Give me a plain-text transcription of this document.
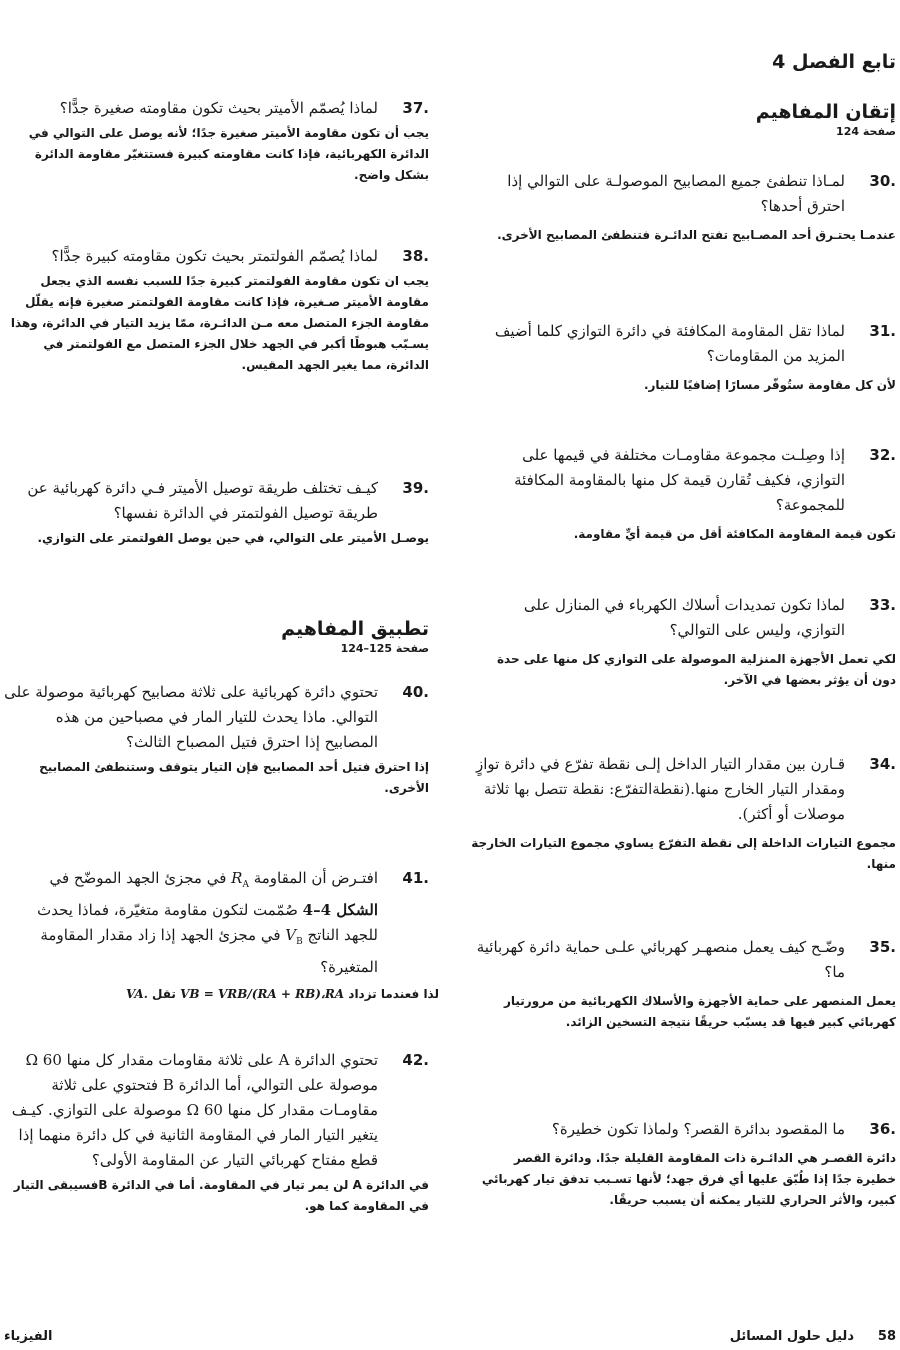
تابع الفصل 4
إتقان المفاهيم
صفحة 124
.30
لمـاذا تنطفئ جميع المصابيح الموصولـة على التوالي إذا احترق أحدها؟
عندمـا يحتـرق أحد المصـابيح تفتح الدائـرة فتنطفئ المصابيح الأخرى.
.31
لماذا تقل المقاومة المكافئة في دائرة التوازي كلما أضيف المزيد من المقاومات؟
لأن كل مقاومة ستُوفّر مسارًا إضافيًا للتيار.
.32
إذا وصِلـت مجموعة مقاومـات مختلفة في قيمها على التوازي، فكيف تُقارن قيمة كل منها بالمقاومة المكافئة للمجموعة؟
تكون قيمة المقاومة المكافئة أقل من قيمة أيِّ مقاومة.
.33
لماذا تكون تمديدات أسلاك الكهرباء في المنازل على التوازي، وليس على التوالي؟
لكي تعمل الأجهزة المنزلية الموصولة على التوازي كل منها على حدة دون أن يؤثر بعضها في الآخر.
.34
قـارن بين مقدار التيار الداخل إلـى نقطة تفرّع في دائرة توازٍ ومقدار التيار الخارج منها.(نقطةالتفرّع: نقطة تتصل بها ثلاثة موصلات أو أكثر).
مجموع التيارات الداخلة إلى نقطة التفرّع يساوي مجموع التيارات الخارجة منها.
.35
وضّـح كيف يعمل منصهـر كهربائي علـى حماية دائرة كهربائية ما؟
يعمل المنصهر على حماية الأجهزة والأسلاك الكهربائية من مرورتيار كهربائي كبير فيها قد يسبّب حريقًا نتيجة التسخين الزائد.
.36
ما المقصود بدائرة القصر؟ ولماذا تكون خطيرة؟
دائرة القصـر هي الدائـرة ذات المقاومة القليلة جدًا. ودائرة القصر خطيرة جدًا إذا طُبّق عليها أي فرق جهد؛ لأنها تسـبب تدفق تيار كهربائي كبير، والأثر الحراري للتيار يمكنه أن يسبب حريقًا.
.37
لماذا يُصمّم الأميتر بحيث تكون مقاومته صغيرة جدًّا؟
يجب أن تكون مقاومة الأميتر صغيرة جدًا؛ لأنه يوصل على التوالي في الدائرة الكهربائية، فإذا كانت مقاومته كبيرة فستتغيّر مقاومة الدائرة بشكل واضح.
.38
لماذا يُصمّم الفولتمتر بحيث تكون مقاومته كبيرة جدًّا؟
يجب ان تكون مقاومة الفولتمتر كبيرة جدًا للسبب نفسه الذي يجعل مقاومة الأميتر صـغيرة، فإذا كانت مقاومة الفولتمتر صغيرة فإنه يقلّل مقاومة الجزء المتصل معه مـن الدائـرة، ممّا يزيد التيار في الدائرة، وهذا يسـبّب هبوطًا أكبر في الجهد خلال الجزء المتصل مع الفولتمتر في الدائرة، مما يغير الجهد المقيس.
.39
كيـف تختلف طريقة توصيل الأميتر فـي دائرة كهربائية عن طريقة توصيل الفولتمتر في الدائرة نفسها؟
يوصـل الأميتر على التوالي، في حين يوصل الفولتمتر على التوازي.
تطبيق المفاهيم
صفحة 125–124
.40
تحتوي دائرة كهربائية على ثلاثة مصابيح كهربائية موصولة على التوالي. ماذا يحدث للتيار المار في مصباحين من هذه المصابيح إذا احترق فتيل المصباح الثالث؟
إذا احترق فتيل أحد المصابيح فإن التيار يتوقف وستنطفئ المصابيح الأخرى.
.41
افتـرض أن المقاومة $R_A$ في مجزئ الجهد الموضّح في الشكل 4–4 صُمّمت لتكون مقاومة متغيّرة، فماذا يحدث للجهد الناتج $V_B$ في مجزئ الجهد إذا زاد مقدار المقاومة المتغيرة؟
لذا فعندما تزداد VB = VRB/(RA + RB)،RA تقل VA.
.42
تحتوي الدائرة A على ثلاثة مقاومات مقدار كل منها Ω 60 موصولة على التوالي، أما الدائرة B فتحتوي على ثلاثة مقاومـات مقدار كل منها Ω 60 موصولة على التوازي. كيـف يتغير التيار المار في المقاومة الثانية في كل دائرة منهما إذا قطع مفتاح كهربائي التيار عن المقاومة الأولى؟
في الدائرة A لن يمر تيار في المقاومة. أما في الدائرة Bفسيبقى التيار في المقاومة كما هو.
58
دليل حلول المسائل
الفيزياء
